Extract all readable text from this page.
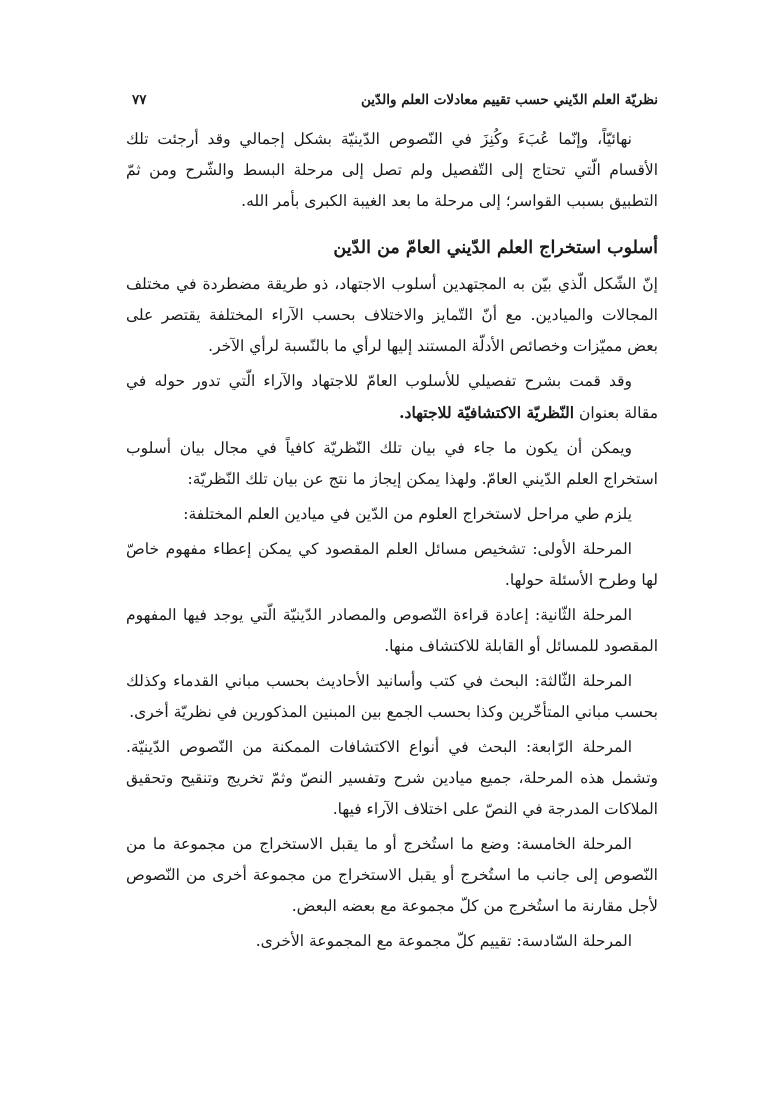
نظريّة العلم الدّيني حسب تقييم معادلات العلم والدّين
٧٧

نهائيّاً، وإنّما عُبَءَ وكُنِزَ في النّصوص الدّينيّة بشكل إجمالي وقد أرجئت تلك الأقسام الّتي تحتاج إلى التّفصيل ولم تصل إلى مرحلة البسط والشّرح ومن ثمّ التطبيق بسبب القواسر؛ إلى مرحلة ما بعد الغيبة الكبرى بأمر الله.

أسلوب استخراج العلم الدّيني العامّ من الدّين

إنّ الشّكل الّذي بيّن به المجتهدين أسلوب الاجتهاد، ذو طريقة مضطردة في مختلف المجالات والميادين. مع أنّ التّمايز والاختلاف بحسب الآراء المختلفة يقتصر على بعض مميّزات وخصائص الأدلّة المستند إليها لرأي ما بالنّسبة لرأي الآخر.

وقد قمت بشرح تفصيلي للأسلوب العامّ للاجتهاد والآراء الّتي تدور حوله في مقالة بعنوان النّظريّة الاكتشافيّة للاجتهاد.

ويمكن أن يكون ما جاء في بيان تلك النّظريّة كافياً في مجال بيان أسلوب استخراج العلم الدّيني العامّ. ولهذا يمكن إيجاز ما نتج عن بيان تلك النّظريّة:

يلزم طي مراحل لاستخراج العلوم من الدّين في ميادين العلم المختلفة:

المرحلة الأولى: تشخيص مسائل العلم المقصود كي يمكن إعطاء مفهوم خاصّ لها وطرح الأسئلة حولها.

المرحلة الثّانية: إعادة قراءة النّصوص والمصادر الدّينيّة الّتي يوجد فيها المفهوم المقصود للمسائل أو القابلة للاكتشاف منها.

المرحلة الثّالثة: البحث في كتب وأسانيد الأحاديث بحسب مباني القدماء وكذلك بحسب مباني المتأخّرين وكذا بحسب الجمع بين المبنين المذكورين في نظريّة أخرى.

المرحلة الرّابعة: البحث في أنواع الاكتشافات الممكنة من النّصوص الدّينيّة. وتشمل هذه المرحلة، جميع ميادين شرح وتفسير النصّ وثمّ تخريج وتنقيح وتحقيق الملاكات المدرجة في النصّ على اختلاف الآراء فيها.

المرحلة الخامسة: وضع ما استُخرج أو ما يقبل الاستخراج من مجموعة ما من النّصوص إلى جانب ما استُخرج أو يقبل الاستخراج من مجموعة أخرى من النّصوص لأجل مقارنة ما استُخرج من كلّ مجموعة مع بعضه البعض.

المرحلة السّادسة: تقييم كلّ مجموعة مع المجموعة الأخرى.
